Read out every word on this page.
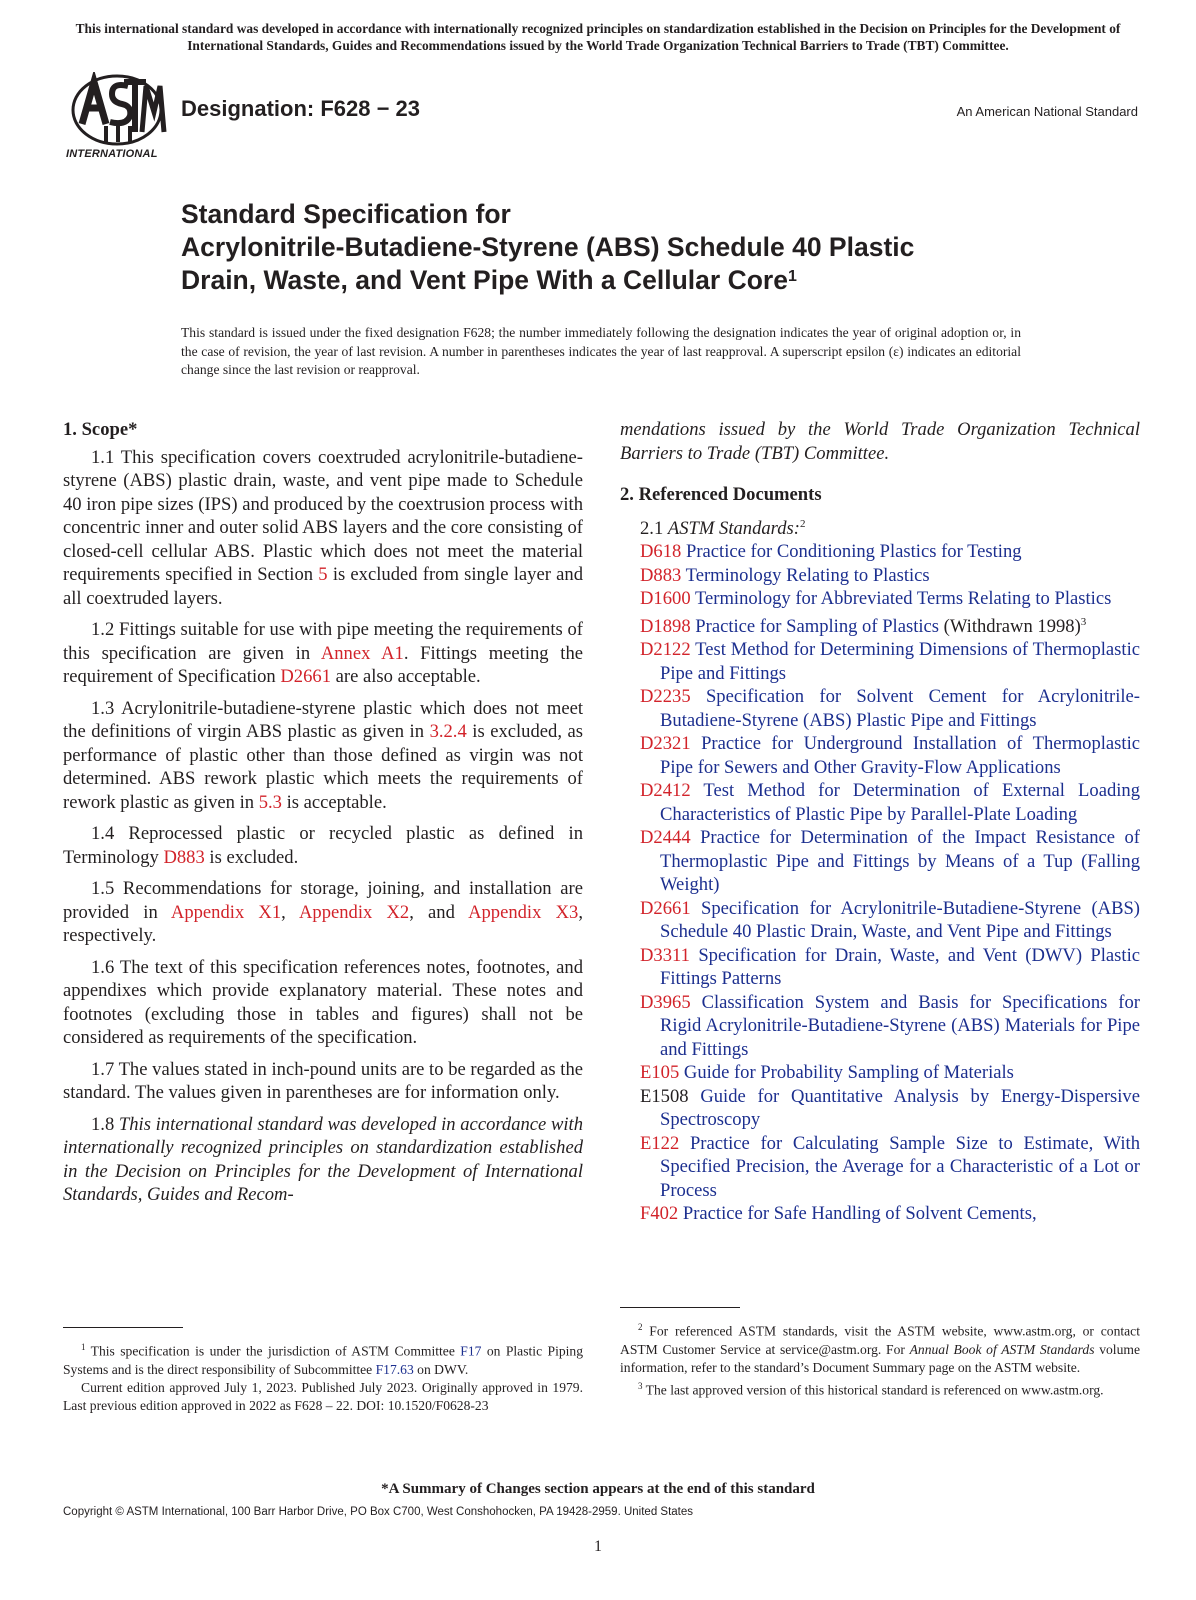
This international standard was developed in accordance with internationally recognized principles on standardization established in the Decision on Principles for the Development of International Standards, Guides and Recommendations issued by the World Trade Organization Technical Barriers to Trade (TBT) Committee.
INTERNATIONAL
Designation: F628 − 23	An American National Standard
Standard Specification for
Acrylonitrile-Butadiene-Styrene (ABS) Schedule 40 Plastic
Drain, Waste, and Vent Pipe With a Cellular Core$^1$
This standard is issued under the fixed designation F628; the number immediately following the designation indicates the year of original adoption or, in the case of revision, the year of last revision. A number in parentheses indicates the year of last reapproval. A superscript epsilon (ε) indicates an editorial change since the last revision or reapproval.
1. Scope*

1.1 This specification covers coextruded acrylonitrile-butadiene-styrene (ABS) plastic drain, waste, and vent pipe made to Schedule 40 iron pipe sizes (IPS) and produced by the coextrusion process with concentric inner and outer solid ABS layers and the core consisting of closed-cell cellular ABS. Plastic which does not meet the material requirements specified in Section 5 is excluded from single layer and all coextruded layers.

1.2 Fittings suitable for use with pipe meeting the requirements of this specification are given in Annex A1. Fittings meeting the requirement of Specification D2661 are also acceptable.

1.3 Acrylonitrile-butadiene-styrene plastic which does not meet the definitions of virgin ABS plastic as given in 3.2.4 is excluded, as performance of plastic other than those defined as virgin was not determined. ABS rework plastic which meets the requirements of rework plastic as given in 5.3 is acceptable.

1.4 Reprocessed plastic or recycled plastic as defined in Terminology D883 is excluded.

1.5 Recommendations for storage, joining, and installation are provided in Appendix X1, Appendix X2, and Appendix X3, respectively.

1.6 The text of this specification references notes, footnotes, and appendixes which provide explanatory material. These notes and footnotes (excluding those in tables and figures) shall not be considered as requirements of the specification.

1.7 The values stated in inch-pound units are to be regarded as the standard. The values given in parentheses are for information only.

1.8 This international standard was developed in accordance with internationally recognized principles on standardization established in the Decision on Principles for the Development of International Standards, Guides and Recom-

mendations issued by the World Trade Organization Technical Barriers to Trade (TBT) Committee.

2. Referenced Documents
2.1 ASTM Standards:$^2$

D618 Practice for Conditioning Plastics for Testing

D883 Terminology Relating to Plastics

D1600 Terminology for Abbreviated Terms Relating to Plastics

D1898 Practice for Sampling of Plastics (Withdrawn 1998)$^3$

D2122 Test Method for Determining Dimensions of Thermoplastic Pipe and Fittings

D2235 Specification for Solvent Cement for Acrylonitrile-Butadiene-Styrene (ABS) Plastic Pipe and Fittings

D2321 Practice for Underground Installation of Thermoplastic Pipe for Sewers and Other Gravity-Flow Applications

D2412 Test Method for Determination of External Loading Characteristics of Plastic Pipe by Parallel-Plate Loading

D2444 Practice for Determination of the Impact Resistance of Thermoplastic Pipe and Fittings by Means of a Tup (Falling Weight)

D2661 Specification for Acrylonitrile-Butadiene-Styrene (ABS) Schedule 40 Plastic Drain, Waste, and Vent Pipe and Fittings

D3311 Specification for Drain, Waste, and Vent (DWV) Plastic Fittings Patterns

D3965 Classification System and Basis for Specifications for Rigid Acrylonitrile-Butadiene-Styrene (ABS) Materials for Pipe and Fittings

E105 Guide for Probability Sampling of Materials

E1508 Guide for Quantitative Analysis by Energy-Dispersive Spectroscopy

E122 Practice for Calculating Sample Size to Estimate, With Specified Precision, the Average for a Characteristic of a Lot or Process

F402 Practice for Safe Handling of Solvent Cements,

$^1$ This specification is under the jurisdiction of ASTM Committee F17 on Plastic Piping Systems and is the direct responsibility of Subcommittee F17.63 on DWV.
Current edition approved July 1, 2023. Published July 2023. Originally approved in 1979. Last previous edition approved in 2022 as F628 – 22. DOI: 10.1520/F0628-23
$^2$ For referenced ASTM standards, visit the ASTM website, www.astm.org, or contact ASTM Customer Service at service@astm.org. For Annual Book of ASTM Standards volume information, refer to the standard’s Document Summary page on the ASTM website.
$^3$ The last approved version of this historical standard is referenced on www.astm.org.
*A Summary of Changes section appears at the end of this standard
Copyright © ASTM International, 100 Barr Harbor Drive, PO Box C700, West Conshohocken, PA 19428-2959. United States
1
